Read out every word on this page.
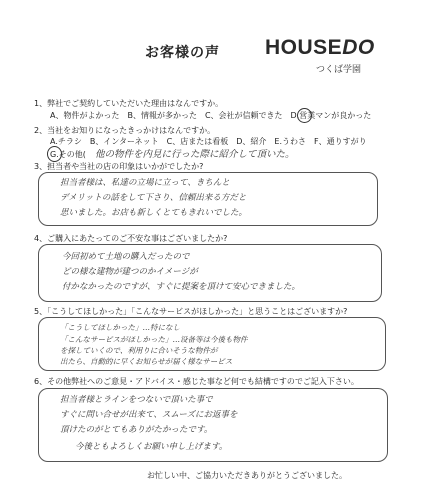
お客様の声 HOUSEDO
つくば学園
1、弊社でご契約していただいた理由はなんですか。
A、物件がよかった　B、情報が多かった　C、会社が信頼できた　D.営業マンが良かった
2、当社をお知りになったきっかけはなんですか。
A.チラシ　B、インターネット　C、店または看板　D、紹介　E.うわさ　F、通りすがり
G.その他( 他の物件を内見に行った際に紹介して頂いた。
3、担当者や当社の店の印象はいかがでしたか?
担当者様は、私達の立場に立って、きちんと
デメリットの話をして下さり、信頼出来る方だと
思いました。お店も新しくとてもきれいでした。
4、ご購入にあたってのご不安な事はございましたか?
今回初めて土地の購入だったので
どの様な建物が建つのかイメージが
付かなかったのですが、すぐに提案を頂けて安心できました。
5、「こうしてほしかった」「こんなサービスがほしかった」と思うことはございますか?
「こうしてほしかった」…特になし
「こんなサービスがほしかった」…设备等は今後も物件
を探していくので、利用りに合いそうな物件が
出たら、自動的に早くお知らせが届く様なサービス
6、その他弊社へのご意見・アドバイス・感じた事など何でも結構ですのでご記入下さい。
担当者様とラインをつないで頂いた事で
すぐに問い合せが出来て、スムーズにお返事を
頂けたのがとてもありがたかったです。
今後ともよろしくお願い申し上げます。
お忙しい中、ご協力いただきありがとうございました。
